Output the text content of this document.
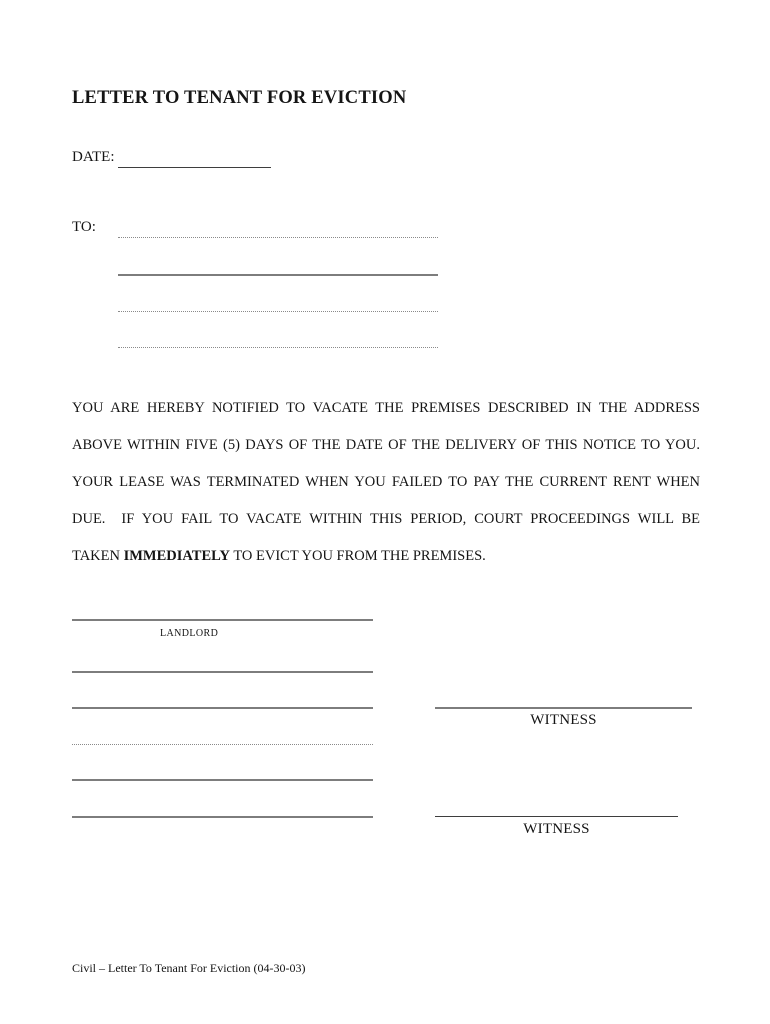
LETTER TO TENANT FOR EVICTION
DATE:
TO:
YOU ARE HEREBY NOTIFIED TO VACATE THE PREMISES DESCRIBED IN THE ADDRESS
ABOVE WITHIN FIVE (5) DAYS OF THE DATE OF THE DELIVERY OF THIS NOTICE TO YOU.
YOUR LEASE WAS TERMINATED WHEN YOU FAILED TO PAY THE CURRENT RENT WHEN
DUE.  IF YOU FAIL TO VACATE WITHIN THIS PERIOD, COURT PROCEEDINGS WILL BE
TAKEN IMMEDIATELY TO EVICT YOU FROM THE PREMISES.
LANDLORD
WITNESS
WITNESS
Civil – Letter To Tenant For Eviction (04-30-03)
